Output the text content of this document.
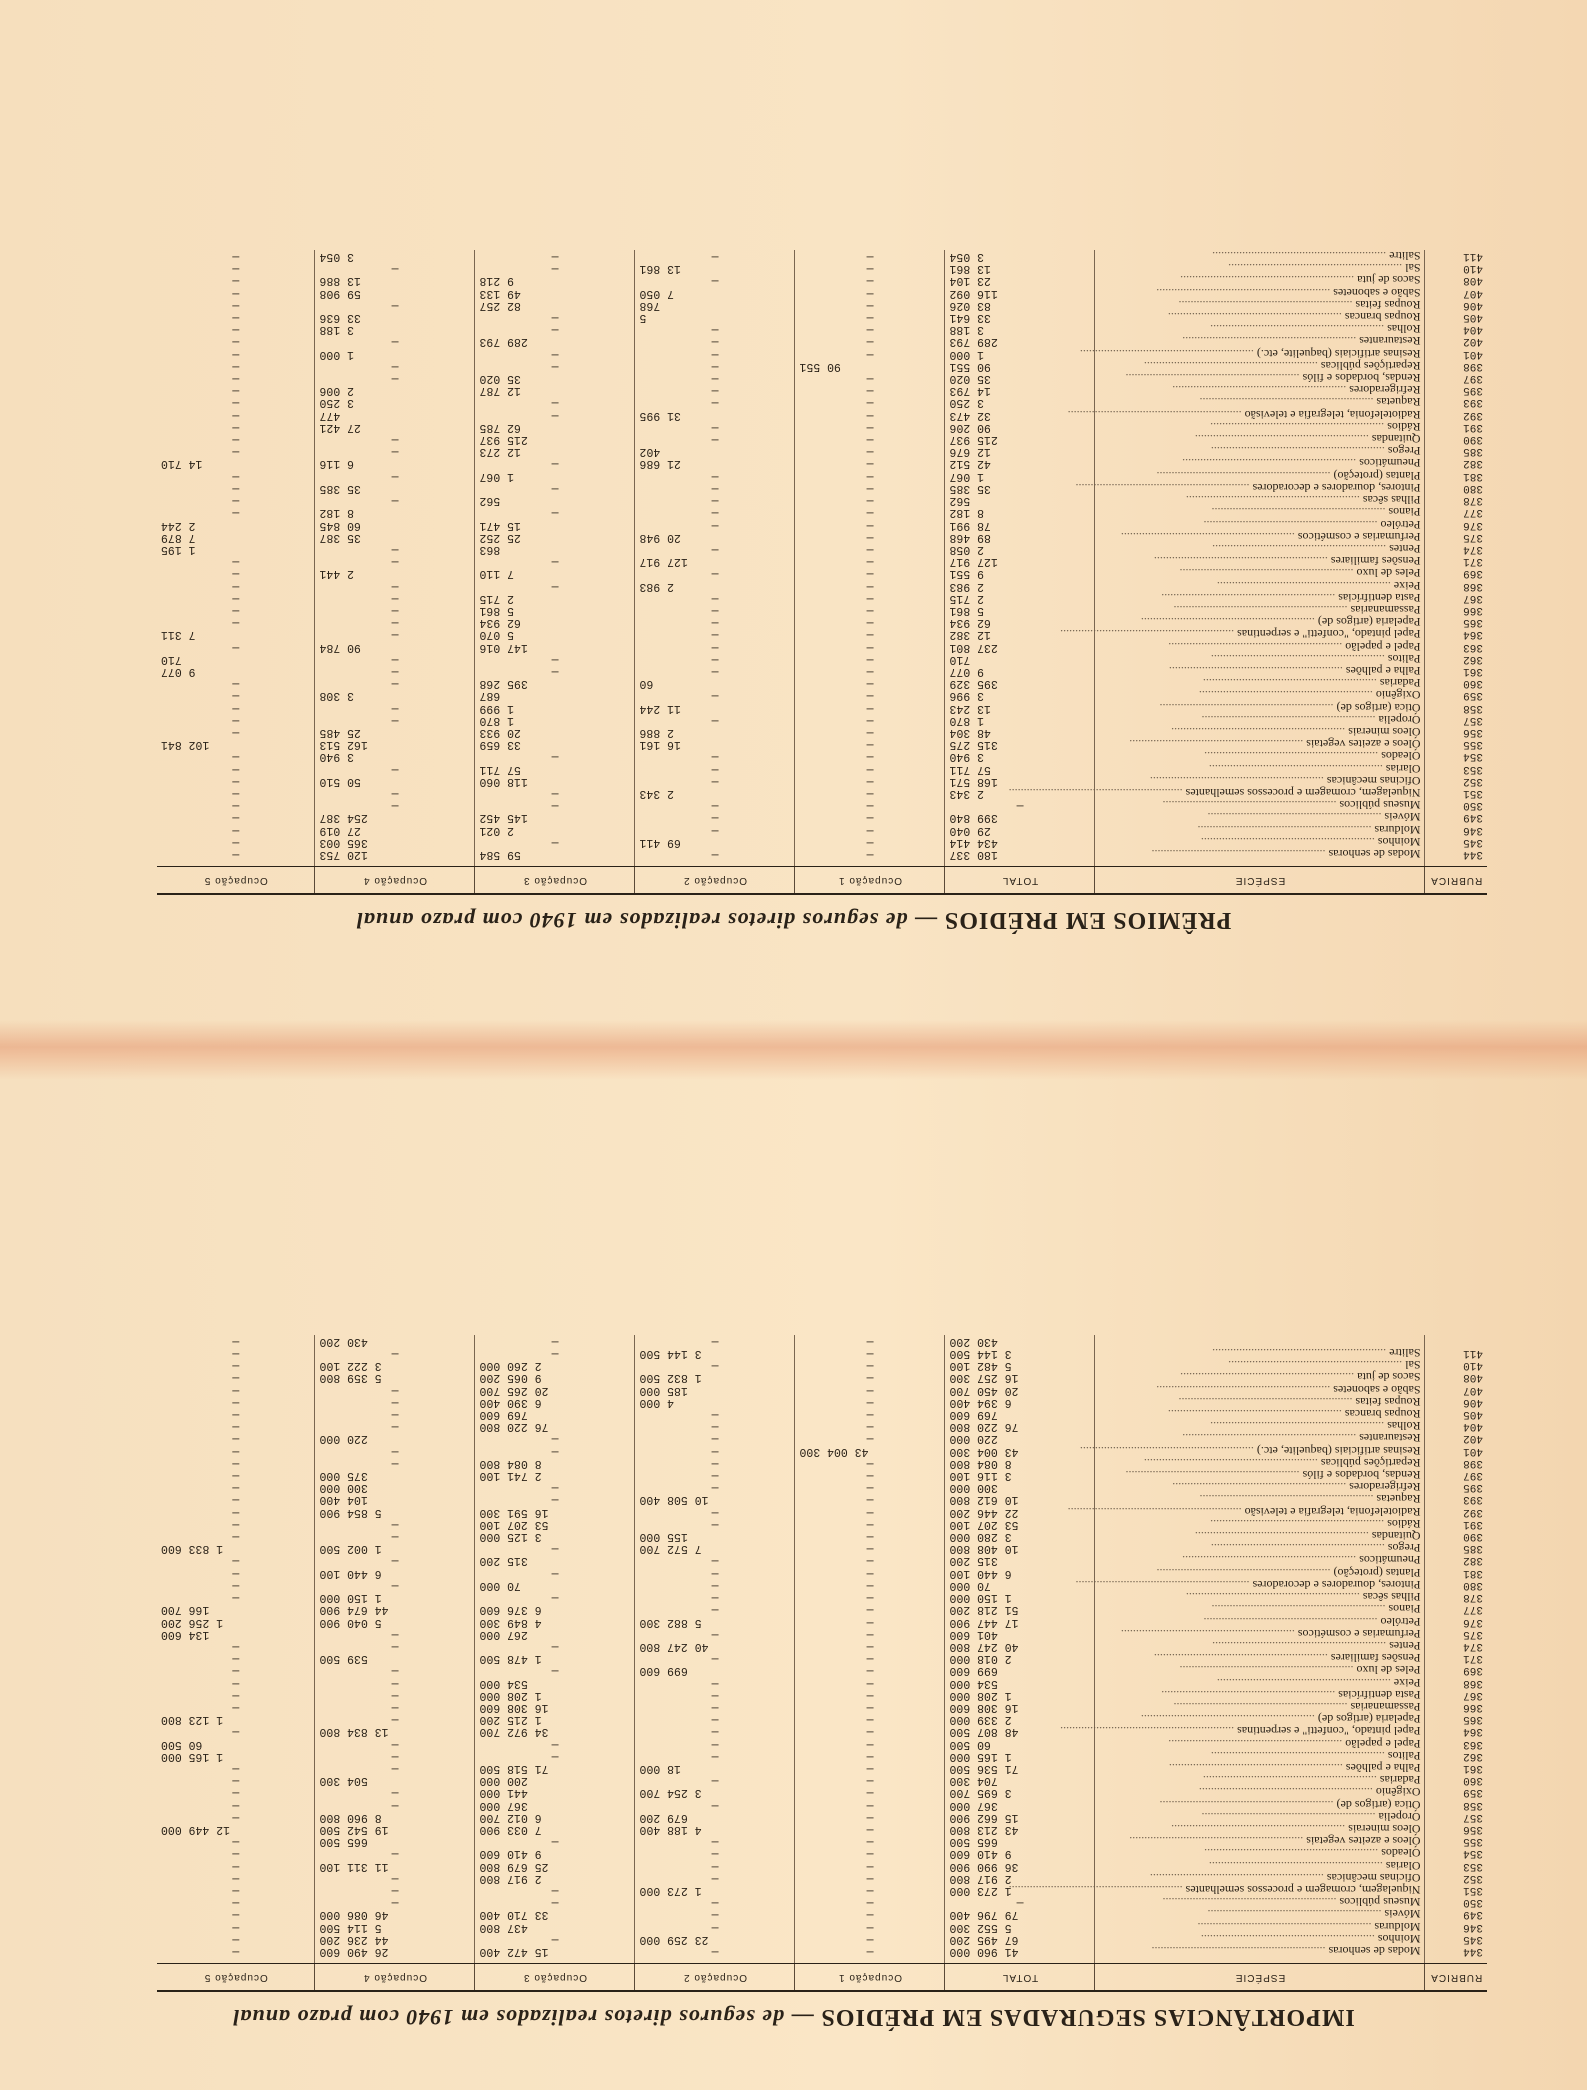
PRÊMIOS EM PRÉDIOS — de seguros diretos realizados em 1940 com prazo anual
RUBRICA	ESPÉCIE	TOTAL	Ocupação 1	Ocupação 2	Ocupação 3	Ocupação 4	Ocupação 5

344	Modas de senhoras ..........................................................	180 337	—	—	59 584	120 753	—
345	Moinhos ..........................................................	434 414	—	69 411	—	365 003	—
346	Molduras ..........................................................	29 040	—	—	2 021	27 019	—
349	Móveis ..........................................................	399 840	—	—	145 452	254 387	—
350	Museus públicos ..........................................................	—	—	—	—	—	—
351	Niquelagem, cromagem e processos semelhantes ..........................................................	2 343	—	2 343	—	—	—
352	Oficinas mecânicas ..........................................................	168 571	—	—	118 060	50 510	—
353	Olarias ..........................................................	57 711	—	—	57 711	—	—
354	Oleados ..........................................................	3 940	—	—	—	3 940	—
355	Óleos e azeites vegetais ..........................................................	315 275	—	16 161	33 659	162 513	102 841
356	Óleos minerais ..........................................................	48 304	—	2 886	20 933	25 485	—
357	Oropelia ..........................................................	1 870	—	—	1 870	—	—
358	Ótica (artigos de) ..........................................................	13 243	—	11 244	1 999	—	—
359	Oxigênio ..........................................................	3 996	—	—	687	3 308	—
360	Padarias ..........................................................	395 329	—	60	395 268	—	—
361	Palha e palhões ..........................................................	9 077	—	—	—	—	9 077
362	Palitos ..........................................................	710	—	—	—	—	710
363	Papel e papelão ..........................................................	237 801	—	—	147 016	90 784	—
364	Papel pintado, "confetti" e serpentinas ..........................................................	12 382	—	—	5 070	—	7 311
365	Papelaria (artigos de) ..........................................................	62 934	—	—	62 934	—	—
366	Passamanarias ..........................................................	5 861	—	—	5 861	—	—
367	Pasta dentifrícias ..........................................................	2 715	—	—	2 715	—	—
368	Peixe ..........................................................	2 983	—	2 983	—	—	—
369	Peles de luxo ..........................................................	9 551	—	—	7 110	2 441	—
371	Pensões familiares ..........................................................	127 917	—	127 917	—	—	—
374	Pentes ..........................................................	2 058	—	—	863	—	1 195
375	Perfumarias e cosméticos ..........................................................	89 468	—	20 948	25 252	35 387	7 879
376	Petróleo ..........................................................	78 991	—	—	15 471	60 845	2 244
377	Pianos ..........................................................	8 182	—	—	—	8 182	—
378	Pilhas sêcas ..........................................................	562	—	—	562	—	—
380	Pintores, douradores e decoradores ..........................................................	35 385	—	—	—	35 385	—
381	Plantas (proteção) ..........................................................	1 067	—	—	1 067	—	—
382	Pneumáticos ..........................................................	42 512	—	21 686	—	6 116	14 710
385	Pregos ..........................................................	12 676	—	402	12 273	—	—
390	Quitandas ..........................................................	215 937	—	—	215 937	—	—
391	Rádios ..........................................................	90 206	—	—	62 785	27 421	—
392	Radiotelefonia, telegrafia e televisão ..........................................................	32 473	—	31 995	—	477	—
393	Raquetas ..........................................................	3 250	—	—	—	3 250	—
395	Refrigeradores ..........................................................	14 793	—	—	12 787	2 006	—
397	Rendas, bordados e filós ..........................................................	35 020	—	—	35 020	—	—
398	Repartições públicas ..........................................................	90 551	90 551	—	—	—	—
401	Resinas artificiais (baquelite, etc.) ..........................................................	1 000	—	—	—	1 000	—
402	Restaurantes ..........................................................	289 793	—	—	289 793	—	—
404	Rolhas ..........................................................	3 188	—	—	—	3 188	—
405	Roupas brancas ..........................................................	33 641	—	5	—	33 636	—
406	Roupas feitas ..........................................................	83 026	—	768	82 257	—	—
407	Sabão e sabonetes ..........................................................	116 092	—	7 050	49 133	59 908	—
408	Sacos de juta ..........................................................	23 104	—	—	9 218	13 886	—
410	Sal ..........................................................	13 861	—	13 861	—	—	—
411	Salitre ..........................................................	3 054	—	—	—	3 054	—
IMPORTÂNCIAS SEGURADAS EM PRÉDIOS — de seguros diretos realizados em 1940 com prazo anual
RUBRICA	ESPÉCIE	TOTAL	Ocupação 1	Ocupação 2	Ocupação 3	Ocupação 4	Ocupação 5

344	Modas de senhoras ..........................................................	41 960 000	—	—	15 472 400	26 490 600	—
345	Moinhos ..........................................................	67 495 200	—	23 259 000	—	44 236 200	—
346	Molduras ..........................................................	5 552 300	—	—	437 800	5 114 500	—
349	Móveis ..........................................................	79 796 400	—	—	33 710 400	46 086 000	—
350	Museus públicos ..........................................................	—	—	—	—	—	—
351	Niquelagem, cromagem e processos semelhantes ..........................................................	1 273 000	—	1 273 000	—	—	—
352	Oficinas mecânicas ..........................................................	2 917 800	—	—	2 917 800	—	—
353	Olarias ..........................................................	36 990 900	—	—	25 679 800	11 311 100	—
354	Oleados ..........................................................	9 410 600	—	—	9 410 600	—	—
355	Óleos e azeites vegetais ..........................................................	665 500	—	—	—	665 500	—
356	Óleos minerais ..........................................................	43 213 800	—	4 188 400	7 033 900	19 542 500	12 449 000
357	Oropelia ..........................................................	15 662 900	—	679 200	6 012 700	8 960 800	—
358	Ótica (artigos de) ..........................................................	367 000	—	—	367 000	—	—
359	Oxigênio ..........................................................	3 695 700	—	3 254 700	441 000	—	—
360	Padarias ..........................................................	704 300	—	—	200 000	504 300	—
361	Palha e palhões ..........................................................	71 536 500	—	18 000	71 518 500	—	—
362	Palitos ..........................................................	1 165 000	—	—	—	—	1 165 000
363	Papel e papelão ..........................................................	60 500	—	—	—	—	60 500
364	Papel pintado, "confetti" e serpentinas ..........................................................	48 807 500	—	—	34 972 700	13 834 800	—
365	Papelaria (artigos de) ..........................................................	2 339 000	—	—	1 215 200	—	1 123 800
366	Passamanarias ..........................................................	16 308 600	—	—	16 308 600	—	—
367	Pasta dentifrícias ..........................................................	1 208 000	—	—	1 208 000	—	—
368	Peixe ..........................................................	534 000	—	—	534 000	—	—
369	Peles de luxo ..........................................................	699 600	—	699 600	—	—	—
371	Pensões familiares ..........................................................	2 018 000	—	—	1 478 500	539 500	—
374	Pentes ..........................................................	40 247 800	—	40 247 800	—	—	—
375	Perfumarias e cosméticos ..........................................................	401 600	—	—	267 000	—	134 600
376	Petróleo ..........................................................	17 447 900	—	5 882 300	4 849 300	5 040 900	1 256 200
377	Pianos ..........................................................	51 218 200	—	—	6 376 600	44 674 900	166 700
378	Pilhas sêcas ..........................................................	1 150 000	—	—	—	1 150 000	—
380	Pintores, douradores e decoradores ..........................................................	70 000	—	—	70 000	—	—
381	Plantas (proteção) ..........................................................	6 440 100	—	—	—	6 440 100	—
382	Pneumáticos ..........................................................	315 200	—	—	315 200	—	—
385	Pregos ..........................................................	10 408 800	—	7 572 700	—	1 002 500	1 833 600
390	Quitandas ..........................................................	3 280 000	—	155 000	3 125 000	—	—
391	Rádios ..........................................................	53 207 100	—	—	53 207 100	—	—
392	Radiotelefonia, telegrafia e televisão ..........................................................	22 446 200	—	—	16 591 300	5 854 900	—
393	Raquetas ..........................................................	10 612 800	—	10 508 400	—	104 400	—
395	Refrigeradores ..........................................................	300 000	—	—	—	300 000	—
397	Rendas, bordados e filós ..........................................................	3 116 100	—	—	2 741 100	375 000	—
398	Repartições públicas ..........................................................	8 084 800	—	—	8 084 800	—	—
401	Resinas artificiais (baquelite, etc.) ..........................................................	43 004 300	43 004 300	—	—	—	—
402	Restaurantes ..........................................................	220 000	—	—	—	220 000	—
404	Rolhas ..........................................................	76 220 800	—	—	76 220 800	—	—
405	Roupas brancas ..........................................................	769 600	—	—	769 600	—	—
406	Roupas feitas ..........................................................	6 394 400	—	4 000	6 390 400	—	—
407	Sabão e sabonetes ..........................................................	20 450 700	—	185 000	20 265 700	—	—
408	Sacos de juta ..........................................................	16 257 300	—	1 832 500	9 065 200	5 359 800	—
410	Sal ..........................................................	5 482 100	—	—	2 260 000	3 222 100	—
411	Salitre ..........................................................	3 144 500	—	3 144 500	—	—	—
		430 200	—	—	—	430 200	—
